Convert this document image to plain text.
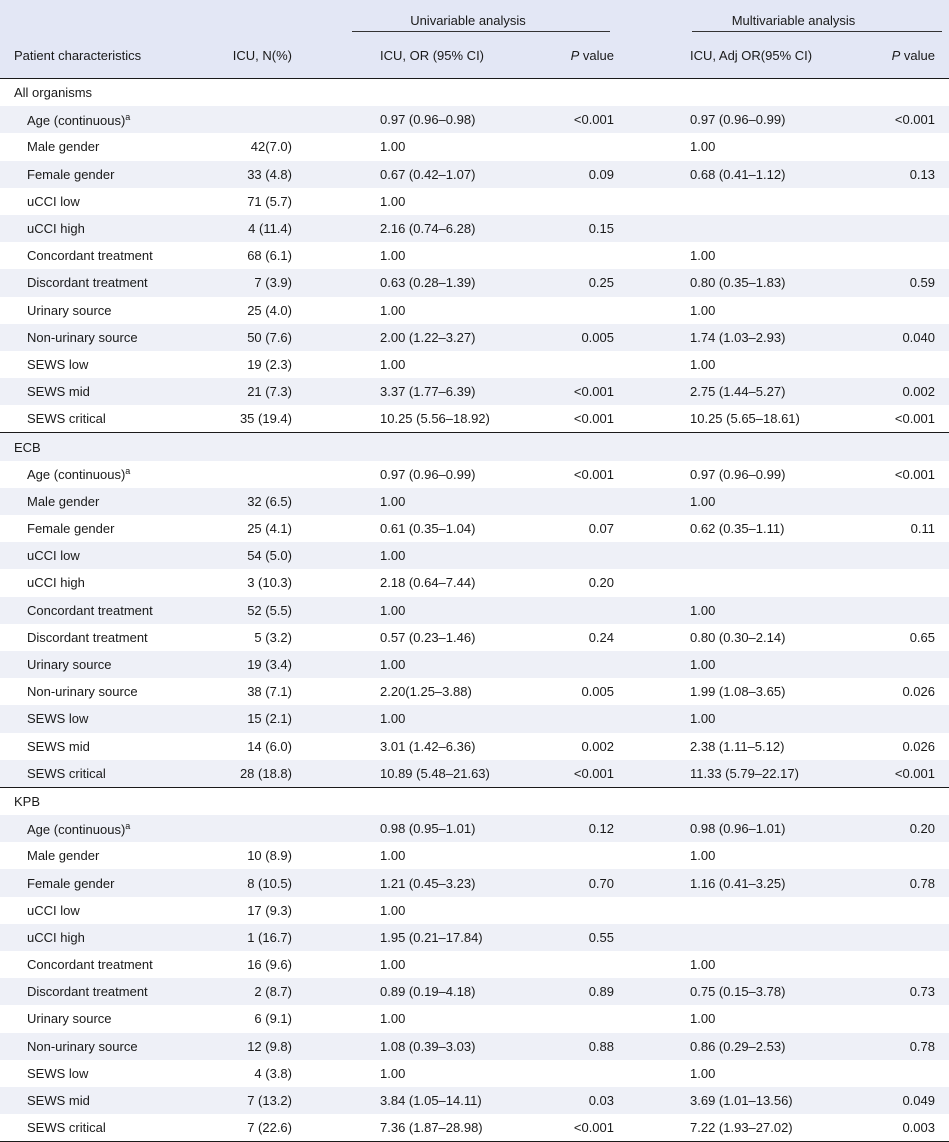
		Univariable analysis		Multivariable analysis	
Patient characteristics	ICU, N(%)	ICU, OR (95% CI)	P value	ICU, Adj OR(95% CI)	P value
All organisms					
Age (continuous)$^a$		0.97 (0.96–0.98)	<0.001	0.97 (0.96–0.99)	<0.001
Male gender	42(7.0)	1.00		1.00	
Female gender	33 (4.8)	0.67 (0.42–1.07)	0.09	0.68 (0.41–1.12)	0.13
uCCI low	71 (5.7)	1.00			
uCCI high	4 (11.4)	2.16 (0.74–6.28)	0.15		
Concordant treatment	68 (6.1)	1.00		1.00	
Discordant treatment	7 (3.9)	0.63 (0.28–1.39)	0.25	0.80 (0.35–1.83)	0.59
Urinary source	25 (4.0)	1.00		1.00	
Non-urinary source	50 (7.6)	2.00 (1.22–3.27)	0.005	1.74 (1.03–2.93)	0.040
SEWS low	19 (2.3)	1.00		1.00	
SEWS mid	21 (7.3)	3.37 (1.77–6.39)	<0.001	2.75 (1.44–5.27)	0.002
SEWS critical	35 (19.4)	10.25 (5.56–18.92)	<0.001	10.25 (5.65–18.61)	<0.001
ECB					
Age (continuous)$^a$		0.97 (0.96–0.99)	<0.001	0.97 (0.96–0.99)	<0.001
Male gender	32 (6.5)	1.00		1.00	
Female gender	25 (4.1)	0.61 (0.35–1.04)	0.07	0.62 (0.35–1.11)	0.11
uCCI low	54 (5.0)	1.00			
uCCI high	3 (10.3)	2.18 (0.64–7.44)	0.20		
Concordant treatment	52 (5.5)	1.00		1.00	
Discordant treatment	5 (3.2)	0.57 (0.23–1.46)	0.24	0.80 (0.30–2.14)	0.65
Urinary source	19 (3.4)	1.00		1.00	
Non-urinary source	38 (7.1)	2.20(1.25–3.88)	0.005	1.99 (1.08–3.65)	0.026
SEWS low	15 (2.1)	1.00		1.00	
SEWS mid	14 (6.0)	3.01 (1.42–6.36)	0.002	2.38 (1.11–5.12)	0.026
SEWS critical	28 (18.8)	10.89 (5.48–21.63)	<0.001	11.33 (5.79–22.17)	<0.001
KPB					
Age (continuous)$^a$		0.98 (0.95–1.01)	0.12	0.98 (0.96–1.01)	0.20
Male gender	10 (8.9)	1.00		1.00	
Female gender	8 (10.5)	1.21 (0.45–3.23)	0.70	1.16 (0.41–3.25)	0.78
uCCI low	17 (9.3)	1.00			
uCCI high	1 (16.7)	1.95 (0.21–17.84)	0.55		
Concordant treatment	16 (9.6)	1.00		1.00	
Discordant treatment	2 (8.7)	0.89 (0.19–4.18)	0.89	0.75 (0.15–3.78)	0.73
Urinary source	6 (9.1)	1.00		1.00	
Non-urinary source	12 (9.8)	1.08 (0.39–3.03)	0.88	0.86 (0.29–2.53)	0.78
SEWS low	4 (3.8)	1.00		1.00	
SEWS mid	7 (13.2)	3.84 (1.05–14.11)	0.03	3.69 (1.01–13.56)	0.049
SEWS critical	7 (22.6)	7.36 (1.87–28.98)	<0.001	7.22 (1.93–27.02)	0.003
